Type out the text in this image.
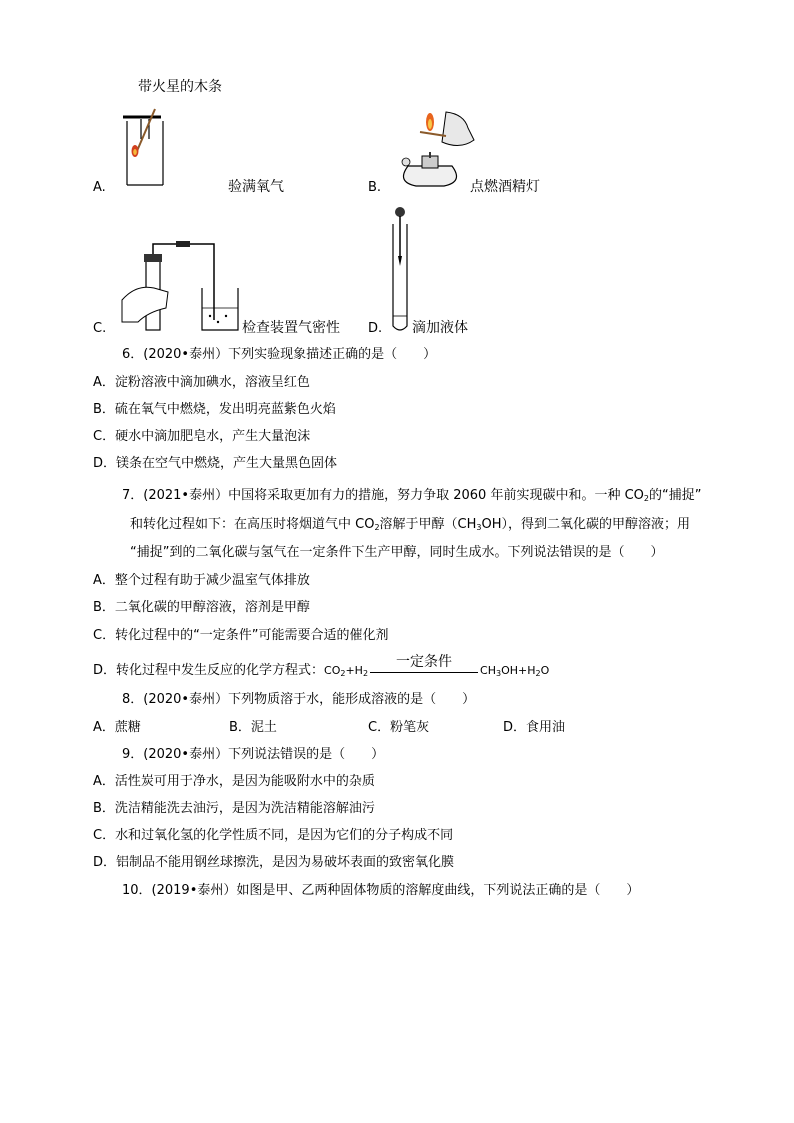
带火星的木条
A.	验满氧气	B.	点燃酒精灯
C.	检查装置气密性 D. 滴加液体
6．(2020•泰州）下列实验现象描述正确的是（　　）
A．淀粉溶液中滴加碘水，溶液呈红色
B．硫在氧气中燃烧，发出明亮蓝紫色火焰
C．硬水中滴加肥皂水，产生大量泡沫
D．镁条在空气中燃烧，产生大量黑色固体
7．(2021•泰州）中国将采取更加有力的措施，努力争取 2060 年前实现碳中和。一种 $CO_2$的“捕捉”
和转化过程如下：在高压时将烟道气中 $CO_2$溶解于甲醇$(CH_3OH)$，得到二氧化碳的甲醇溶液；用
“捕捉”到的二氧化碳与氢气在一定条件下生产甲醇，同时生成水。下列说法错误的是（　　）
A．整个过程有助于减少温室气体排放
B．二氧化碳的甲醇溶液，溶剂是甲醇
C．转化过程中的“一定条件”可能需要合适的催化剂
D．转化过程中发生反应的化学方程式：$CO_2+H_2$
一定条件
$CH_3OH+H_2O$
8．(2020•泰州）下列物质溶于水，能形成溶液的是（　　）
A．蔗糖	B．泥土	C．粉笔灰	D．食用油
9．(2020•泰州）下列说法错误的是（　　）
A．活性炭可用于净水，是因为能吸附水中的杂质
B．洗洁精能洗去油污，是因为洗洁精能溶解油污
C．水和过氧化氢的化学性质不同，是因为它们的分子构成不同
D．铝制品不能用钢丝球擦洗，是因为易破坏表面的致密氧化膜
10．(2019•泰州）如图是甲、乙两种固体物质的溶解度曲线，下列说法正确的是（　　）
